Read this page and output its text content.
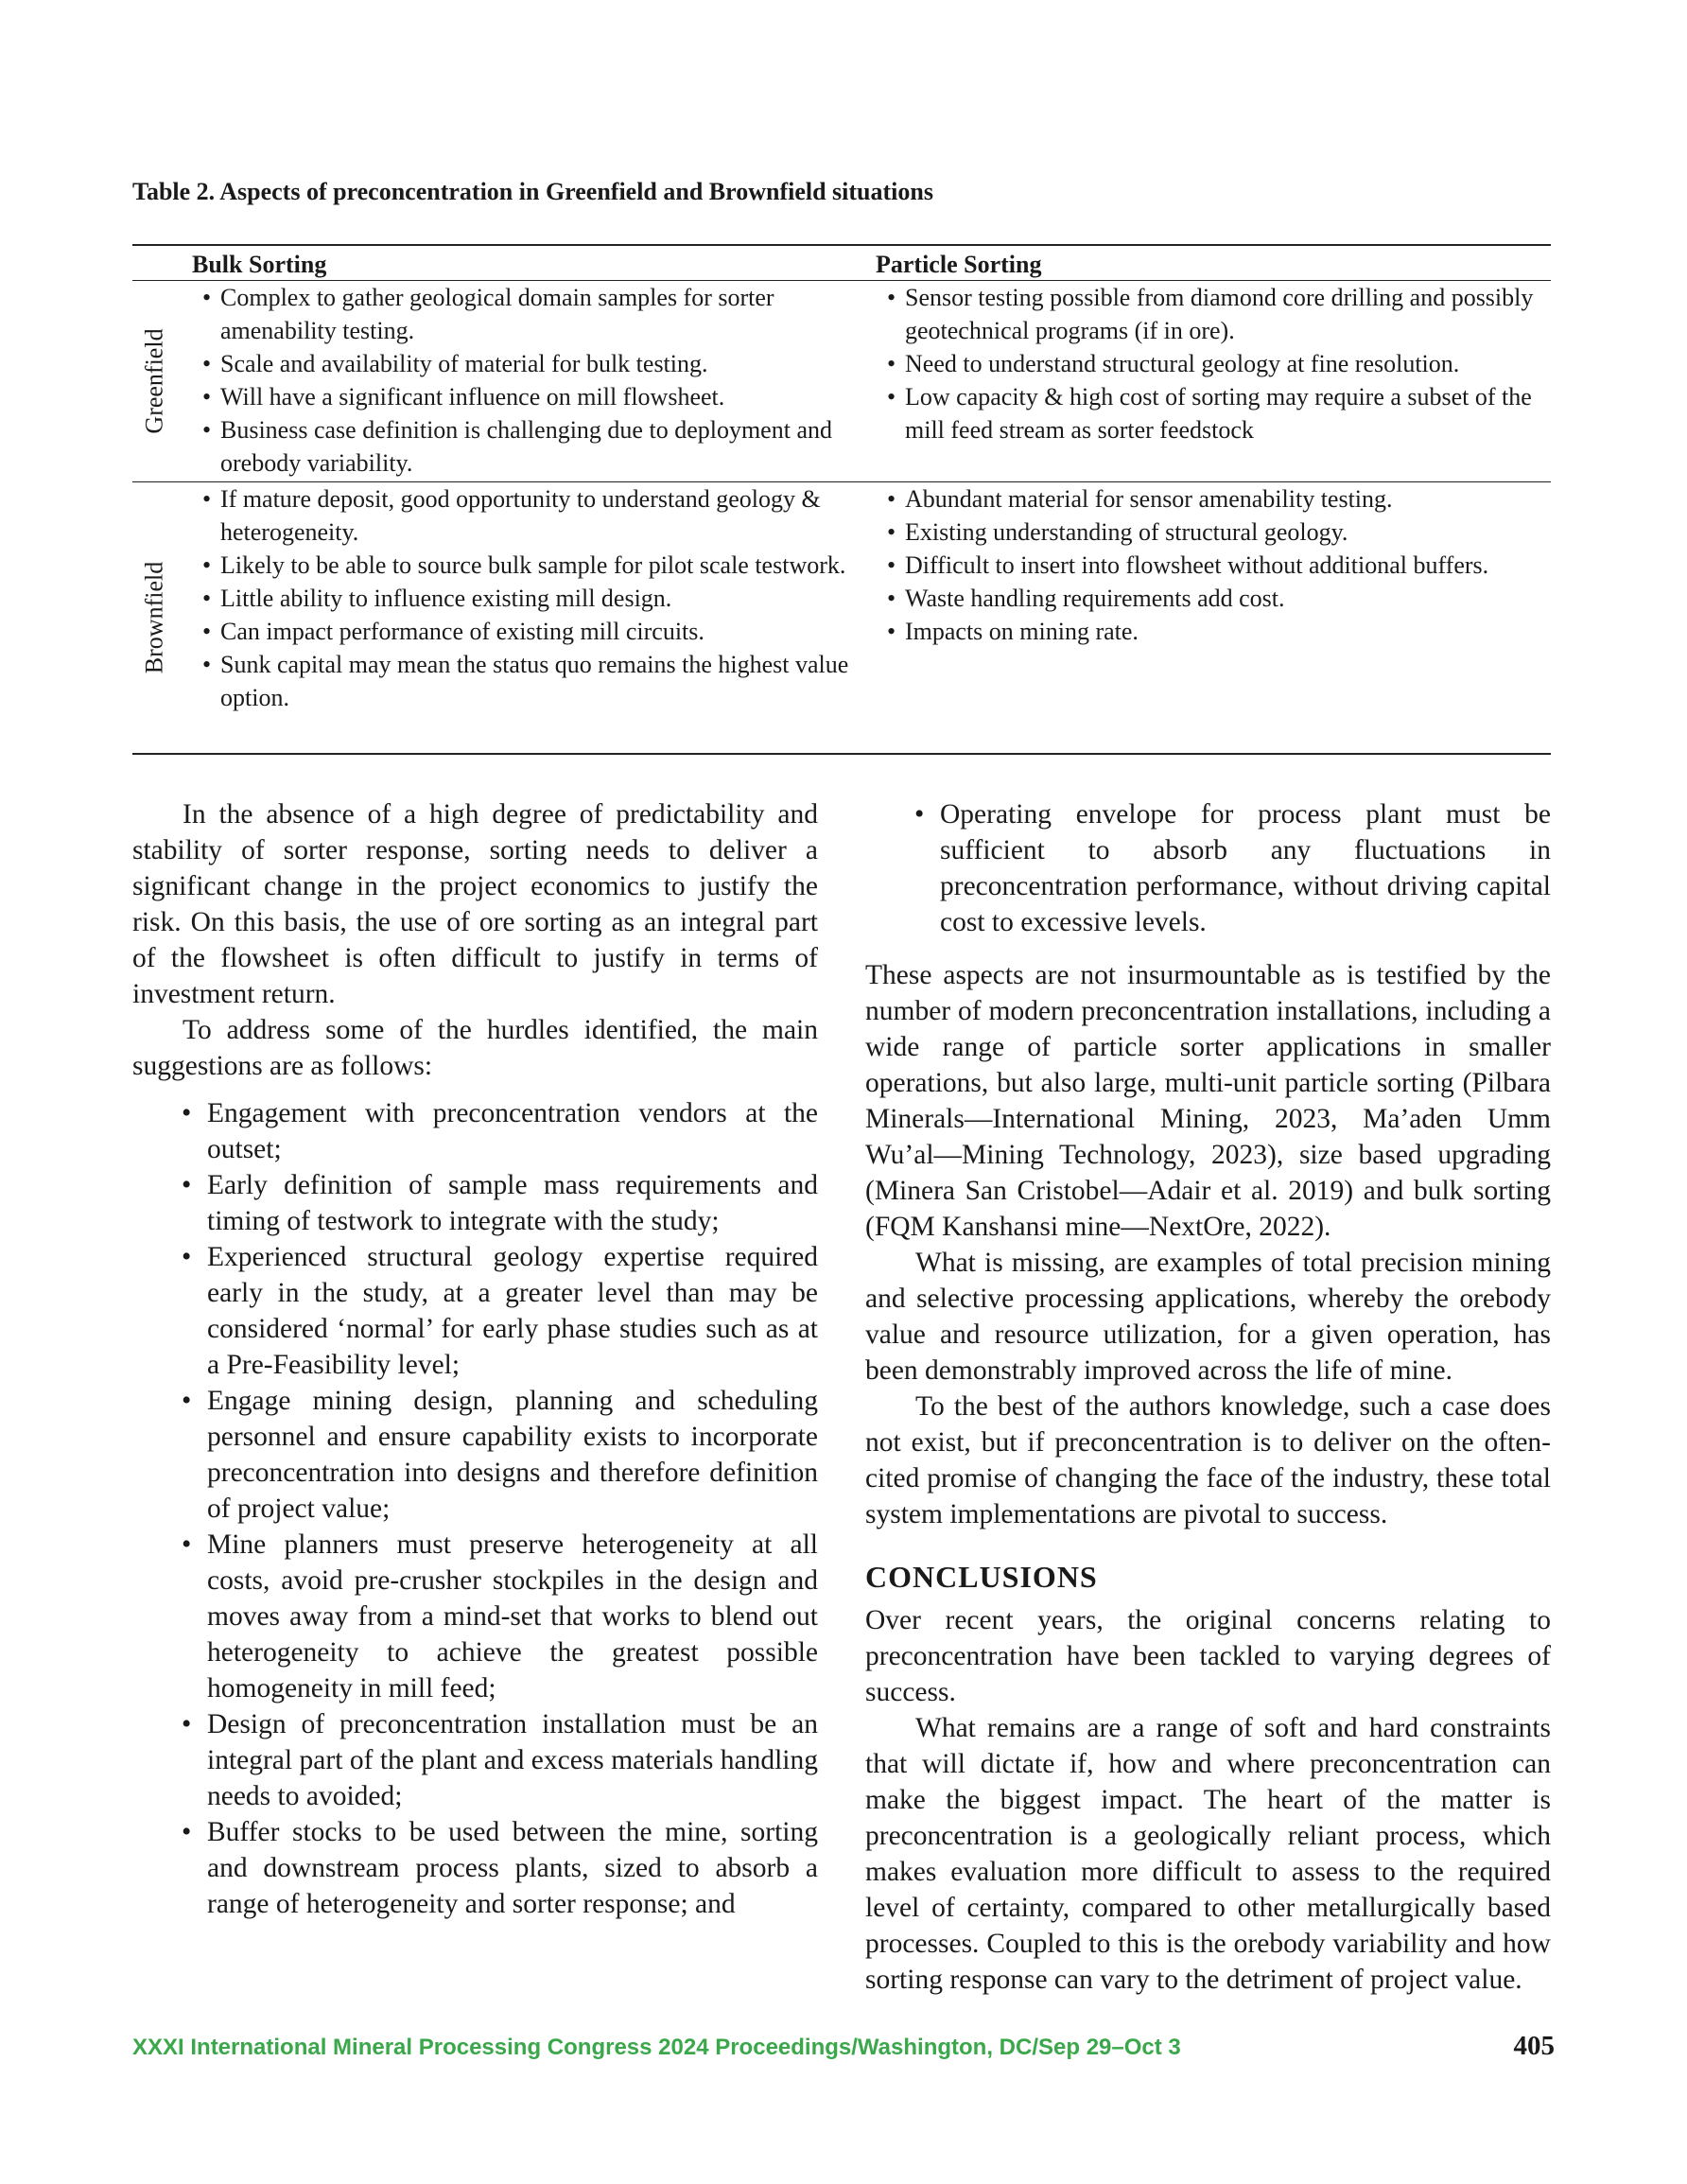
Table 2. Aspects of preconcentration in Greenfield and Brownfield situations
Bulk Sorting	Particle Sorting
Greenfield
• Complex to gather geological domain samples for sorter amenability testing.
• Scale and availability of material for bulk testing.
• Will have a significant influence on mill flowsheet.
• Business case definition is challenging due to deployment and orebody variability.
• Sensor testing possible from diamond core drilling and possibly geotechnical programs (if in ore).
• Need to understand structural geology at fine resolution.
• Low capacity & high cost of sorting may require a subset of the mill feed stream as sorter feedstock
Brownfield
• If mature deposit, good opportunity to understand geology & heterogeneity.
• Likely to be able to source bulk sample for pilot scale testwork.
• Little ability to influence existing mill design.
• Can impact performance of existing mill circuits.
• Sunk capital may mean the status quo remains the highest value option.
• Abundant material for sensor amenability testing.
• Existing understanding of structural geology.
• Difficult to insert into flowsheet without additional buffers.
• Waste handling requirements add cost.
• Impacts on mining rate.

In the absence of a high degree of predictability and stability of sorter response, sorting needs to deliver a significant change in the project economics to justify the risk. On this basis, the use of ore sorting as an integral part of the flowsheet is often difficult to justify in terms of investment return.

To address some of the hurdles identified, the main suggestions are as follows:

• Engagement with preconcentration vendors at the outset;
• Early definition of sample mass requirements and timing of testwork to integrate with the study;
• Experienced structural geology expertise required early in the study, at a greater level than may be considered ‘normal’ for early phase studies such as at a Pre-Feasibility level;
• Engage mining design, planning and scheduling personnel and ensure capability exists to incorporate preconcentration into designs and therefore definition of project value;
• Mine planners must preserve heterogeneity at all costs, avoid pre-crusher stockpiles in the design and moves away from a mind-set that works to blend out heterogeneity to achieve the greatest possible homogeneity in mill feed;
• Design of preconcentration installation must be an integral part of the plant and excess materials handling needs to avoided;
• Buffer stocks to be used between the mine, sorting and downstream process plants, sized to absorb a range of heterogeneity and sorter response; and
• Operating envelope for process plant must be sufficient to absorb any fluctuations in preconcentration performance, without driving capital cost to excessive levels.

These aspects are not insurmountable as is testified by the number of modern preconcentration installations, including a wide range of particle sorter applications in smaller operations, but also large, multi-unit particle sorting (Pilbara Minerals—International Mining, 2023, Ma’aden Umm Wu’al—Mining Technology, 2023), size based upgrading (Minera San Cristobel—Adair et al. 2019) and bulk sorting (FQM Kanshansi mine—NextOre, 2022).

What is missing, are examples of total precision mining and selective processing applications, whereby the orebody value and resource utilization, for a given operation, has been demonstrably improved across the life of mine.

To the best of the authors knowledge, such a case does not exist, but if preconcentration is to deliver on the often-cited promise of changing the face of the industry, these total system implementations are pivotal to success.

CONCLUSIONS

Over recent years, the original concerns relating to preconcentration have been tackled to varying degrees of success.

What remains are a range of soft and hard constraints that will dictate if, how and where preconcentration can make the biggest impact. The heart of the matter is preconcentration is a geologically reliant process, which makes evaluation more difficult to assess to the required level of certainty, compared to other metallurgically based processes. Coupled to this is the orebody variability and how sorting response can vary to the detriment of project value.

XXXI International Mineral Processing Congress 2024 Proceedings/Washington, DC/Sep 29–Oct 3	405
